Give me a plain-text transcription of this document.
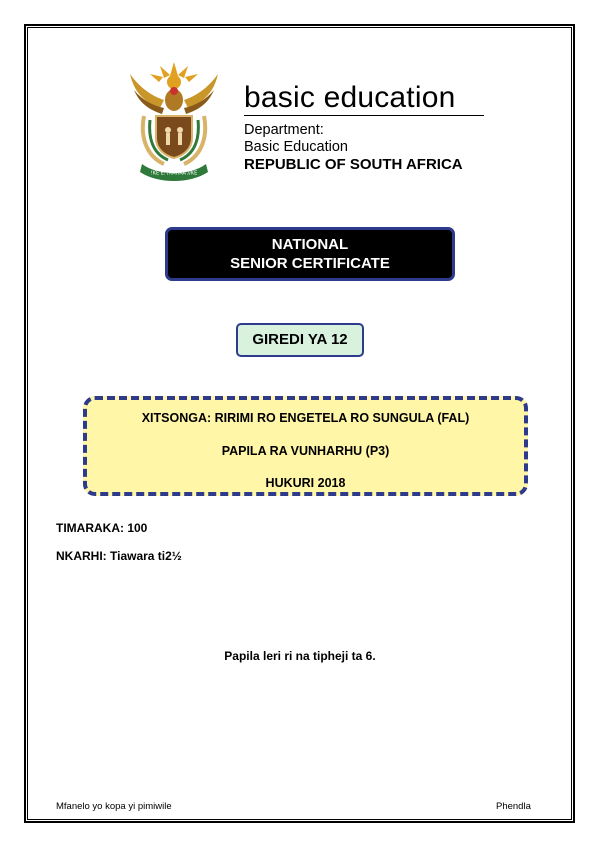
!KE E: /XARRA //KE
basic education
Department:
Basic Education
REPUBLIC OF SOUTH AFRICA
NATIONAL
SENIOR CERTIFICATE
GIREDI YA 12
XITSONGA: RIRIMI RO ENGETELA RO SUNGULA (FAL)
PAPILA RA VUNHARHU (P3)
HUKURI 2018
TIMARAKA: 100
NKARHI: Tiawara ti2½
Papila leri ri na tipheji ta 6.
Mfanelo yo kopa yi pimiwile	Phendla
